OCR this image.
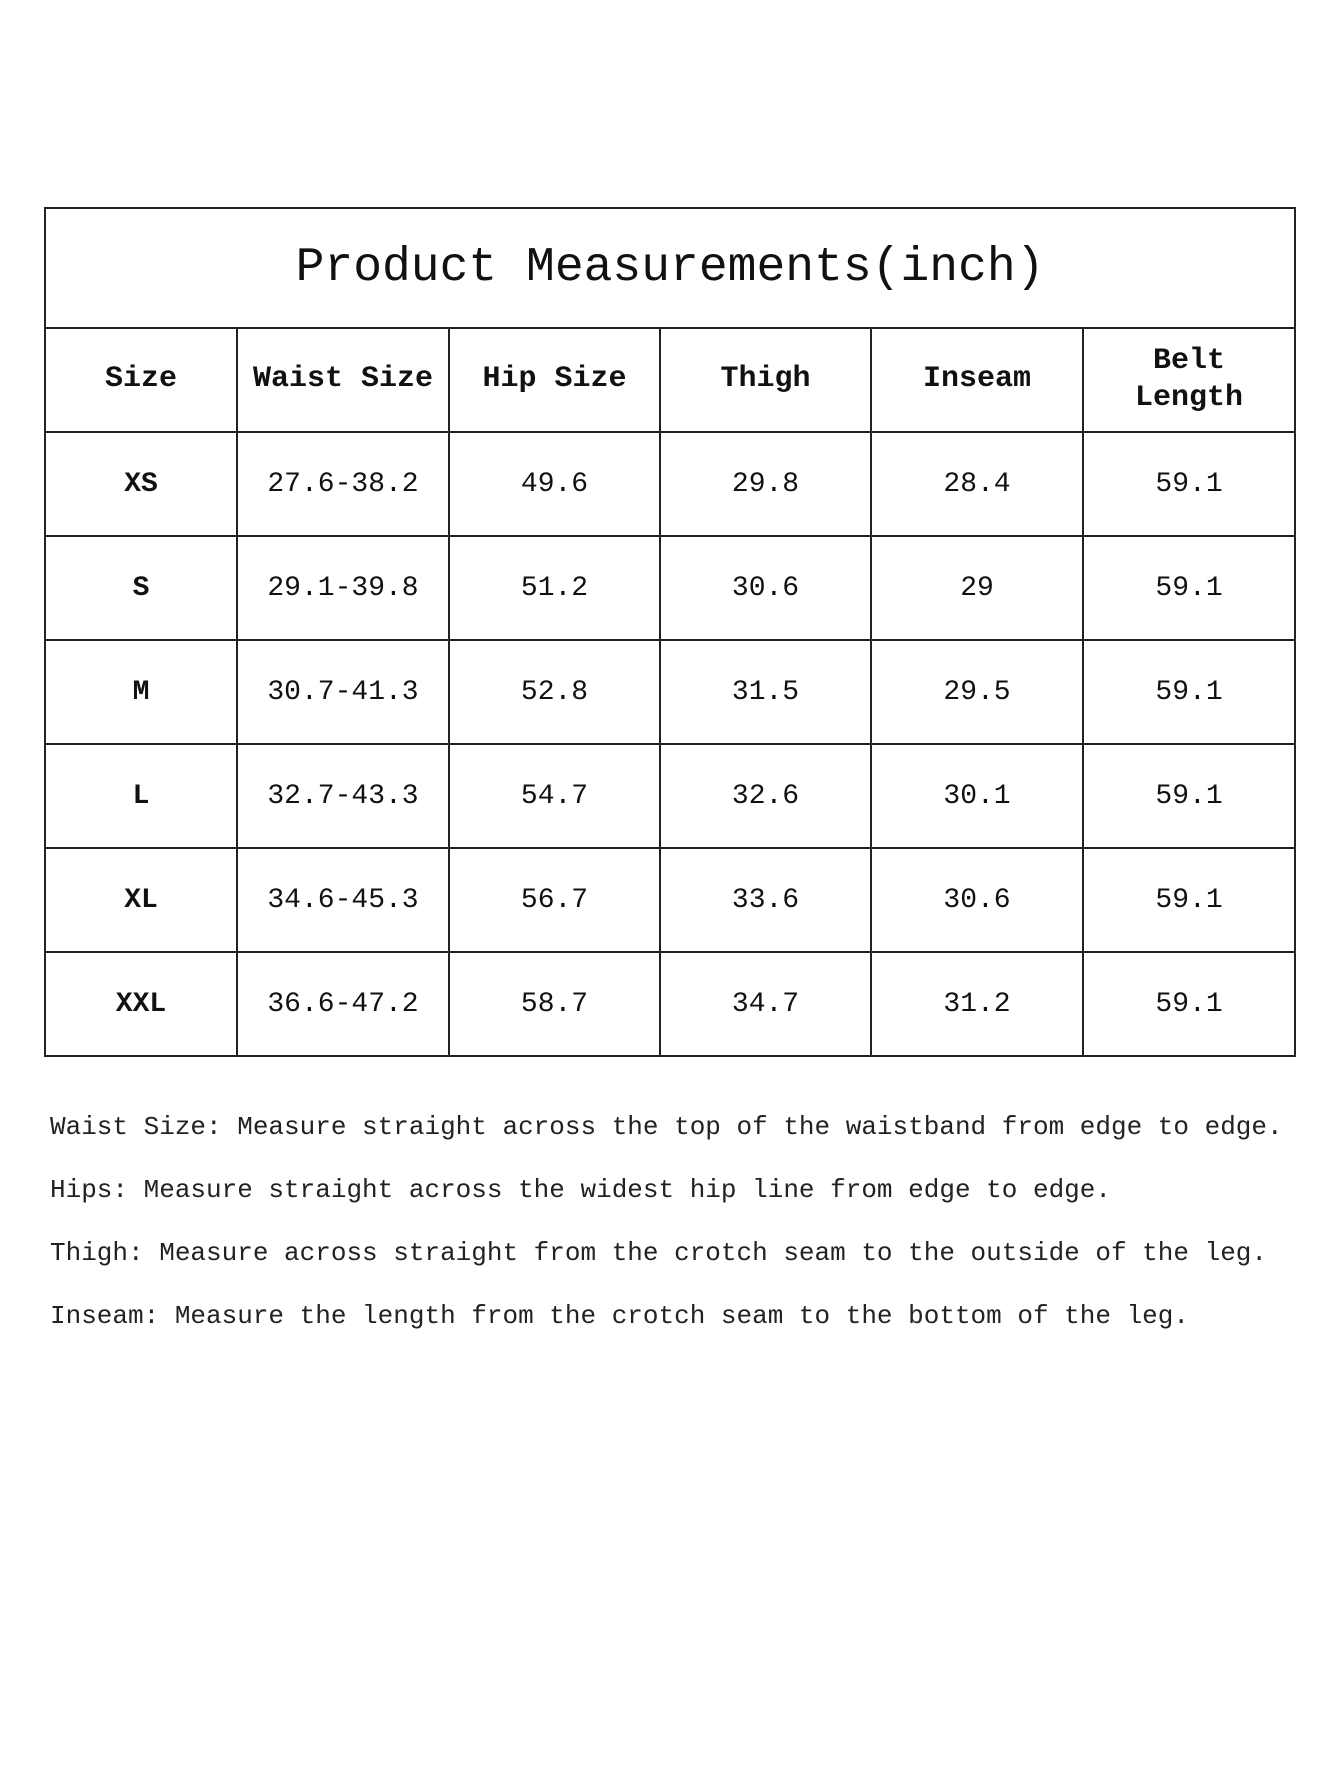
Product Measurements(inch)					
Size	Waist Size	Hip Size	Thigh	Inseam	Belt Length
XS	27.6-38.2	49.6	29.8	28.4	59.1
S	29.1-39.8	51.2	30.6	29	59.1
M	30.7-41.3	52.8	31.5	29.5	59.1
L	32.7-43.3	54.7	32.6	30.1	59.1
XL	34.6-45.3	56.7	33.6	30.6	59.1
XXL	36.6-47.2	58.7	34.7	31.2	59.1
Waist Size: Measure straight across the top of the waistband from edge to edge.
Hips: Measure straight across the widest hip line from edge to edge.
Thigh: Measure across straight from the crotch seam to the outside of the leg.
Inseam: Measure the length from the crotch seam to the bottom of the leg.
